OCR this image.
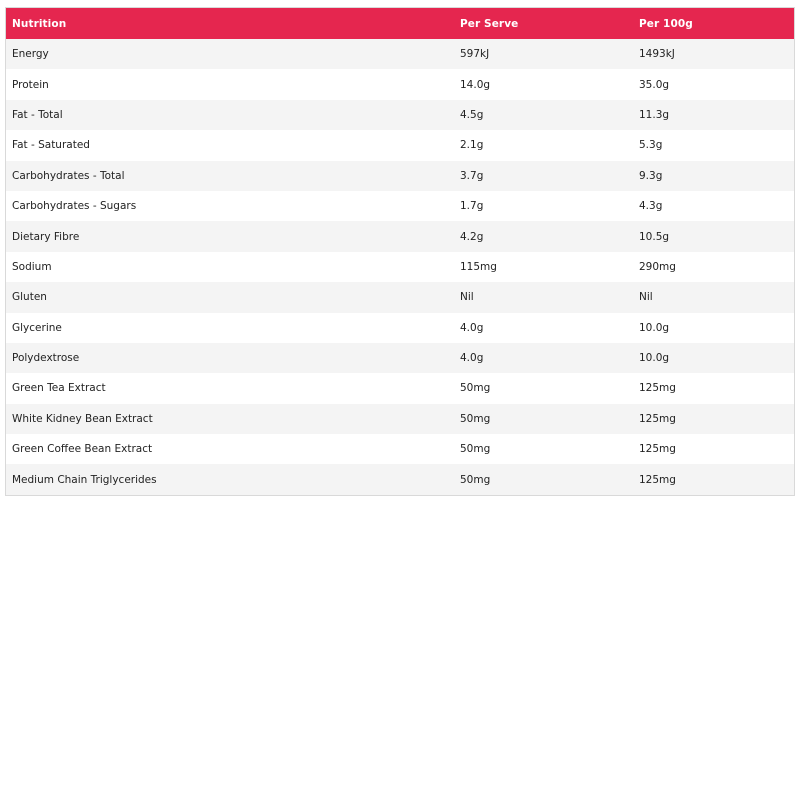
Nutrition	Per Serve	Per 100g
Energy	597kJ	1493kJ
Protein	14.0g	35.0g
Fat - Total	4.5g	11.3g
Fat - Saturated	2.1g	5.3g
Carbohydrates - Total	3.7g	9.3g
Carbohydrates - Sugars	1.7g	4.3g
Dietary Fibre	4.2g	10.5g
Sodium	115mg	290mg
Gluten	Nil	Nil
Glycerine	4.0g	10.0g
Polydextrose	4.0g	10.0g
Green Tea Extract	50mg	125mg
White Kidney Bean Extract	50mg	125mg
Green Coffee Bean Extract	50mg	125mg
Medium Chain Triglycerides	50mg	125mg
